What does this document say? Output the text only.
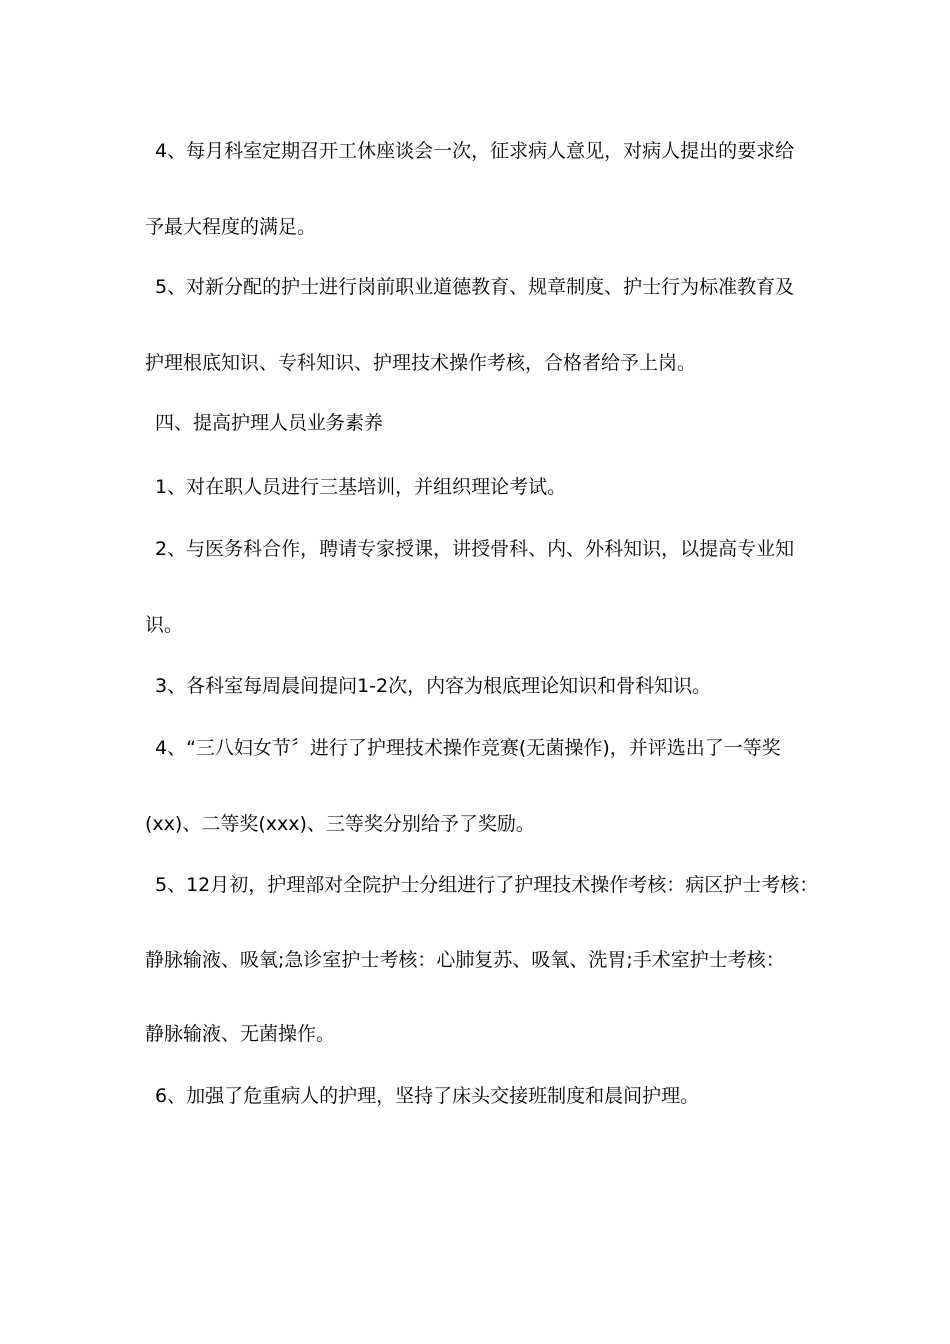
4、每月科室定期召开工休座谈会一次，征求病人意见，对病人提出的要求给
予最大程度的满足。
5、对新分配的护士进行岗前职业道德教育、规章制度、护士行为标准教育及
护理根底知识、专科知识、护理技术操作考核，合格者给予上岗。
四、提高护理人员业务素养
1、对在职人员进行三基培训，并组织理论考试。
2、与医务科合作，聘请专家授课，讲授骨科、内、外科知识，以提高专业知
识。
3、各科室每周晨间提问1-2次，内容为根底理论知识和骨科知识。
4、“三八妇女节〞进行了护理技术操作竞赛(无菌操作)，并评选出了一等奖
(xx)、二等奖(xxx)、三等奖分别给予了奖励。
5、12月初，护理部对全院护士分组进行了护理技术操作考核：病区护士考核：
静脉输液、吸氧;急诊室护士考核：心肺复苏、吸氧、洗胃;手术室护士考核：
静脉输液、无菌操作。
6、加强了危重病人的护理，坚持了床头交接班制度和晨间护理。
